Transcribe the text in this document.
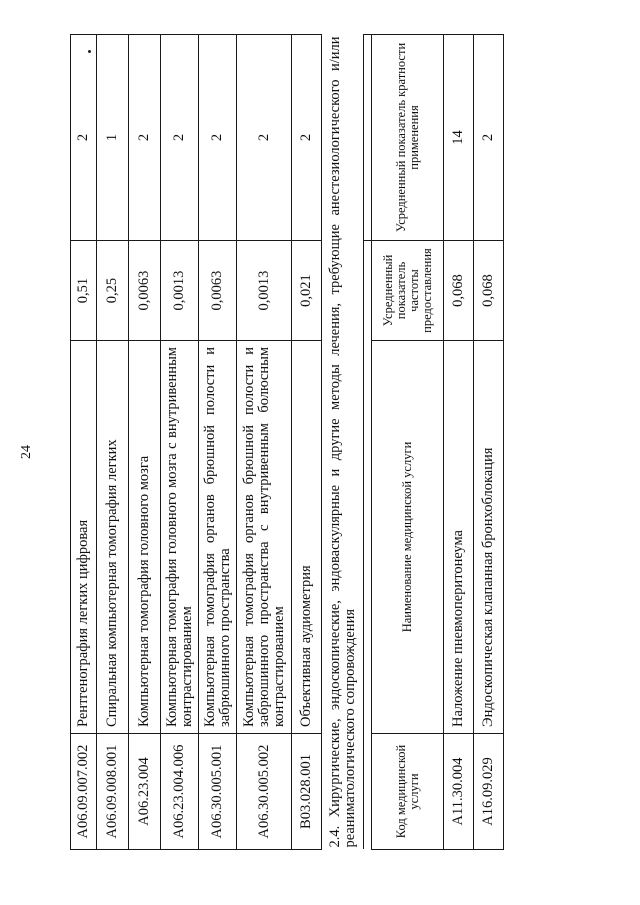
24
A06.09.007.002	Рентгенография легких цифровая	0,51	2
A06.09.008.001	Спиральная компьютерная томография легких	0,25	1
A06.23.004	Компьютерная томография головного мозга	0,0063	2
A06.23.004.006	Компьютерная томография головного мозга с внутривенным контрастированием	0,0013	2
A06.30.005.001	Компьютерная томография органов брюшной полости и забрюшинного пространства	0,0063	2
A06.30.005.002	Компьютерная томография органов брюшной полости и забрюшинного пространства с внутривенным болюсным контрастированием	0,0013	2
B03.028.001	Объективная аудиометрия	0,021	2

2.4. Хирургические, эндоскопические, эндоваскулярные и другие методы лечения, требующие анестезиологического и/или реаниматологического сопровождения			

Код медицинской услуги	Наименование медицинской услуги	Усредненный показатель частоты предоставления	Усредненный показатель кратности применения
A11.30.004	Наложение пневмоперитонеума	0,068	14
A16.09.029	Эндоскопическая клапанная бронхоблокация	0,068	2
